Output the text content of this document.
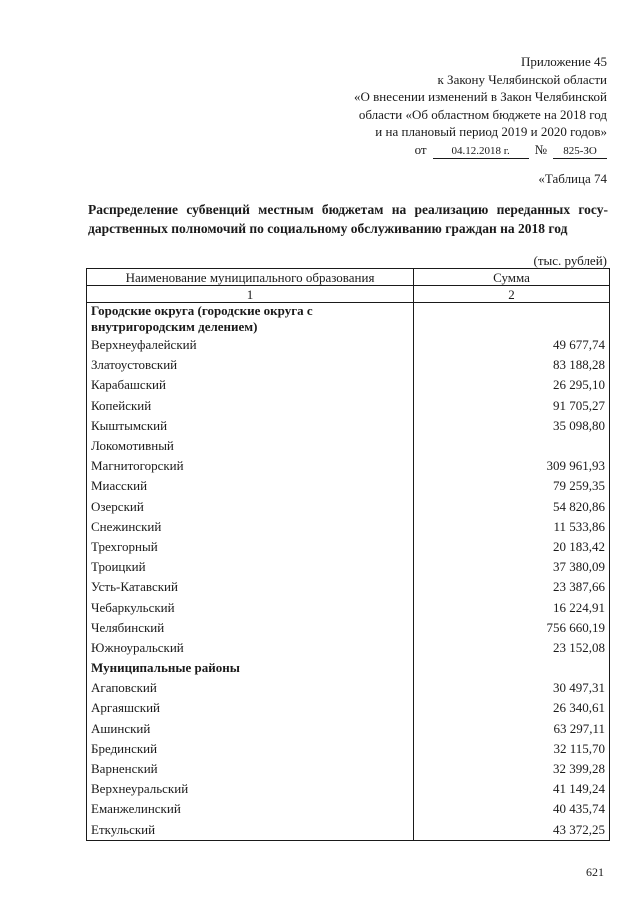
Приложение 45
к Закону Челябинской области
«О внесении изменений в Закон Челябинской
области «Об областном бюджете на 2018 год
и на плановый период 2019 и 2020 годов»
от	04.12.2018 г.	№	825-ЗО
«Таблица 74
Распределение субвенций местным бюджетам на реализацию переданных госу-дарственных полномочий по социальному обслуживанию граждан на 2018 год
(тыс. рублей)
Наименование муниципального образования	Сумма
1	2
Городские округа (городские округа с внутригородским делением)	
Верхнеуфалейский	49 677,74
Златоустовский	83 188,28
Карабашский	26 295,10
Копейский	91 705,27
Кыштымский	35 098,80
Локомотивный	
Магнитогорский	309 961,93
Миасский	79 259,35
Озерский	54 820,86
Снежинский	11 533,86
Трехгорный	20 183,42
Троицкий	37 380,09
Усть-Катавский	23 387,66
Чебаркульский	16 224,91
Челябинский	756 660,19
Южноуральский	23 152,08
Муниципальные районы	
Агаповский	30 497,31
Аргаяшский	26 340,61
Ашинский	63 297,11
Брединский	32 115,70
Варненский	32 399,28
Верхнеуральский	41 149,24
Еманжелинский	40 435,74
Еткульский	43 372,25
621
